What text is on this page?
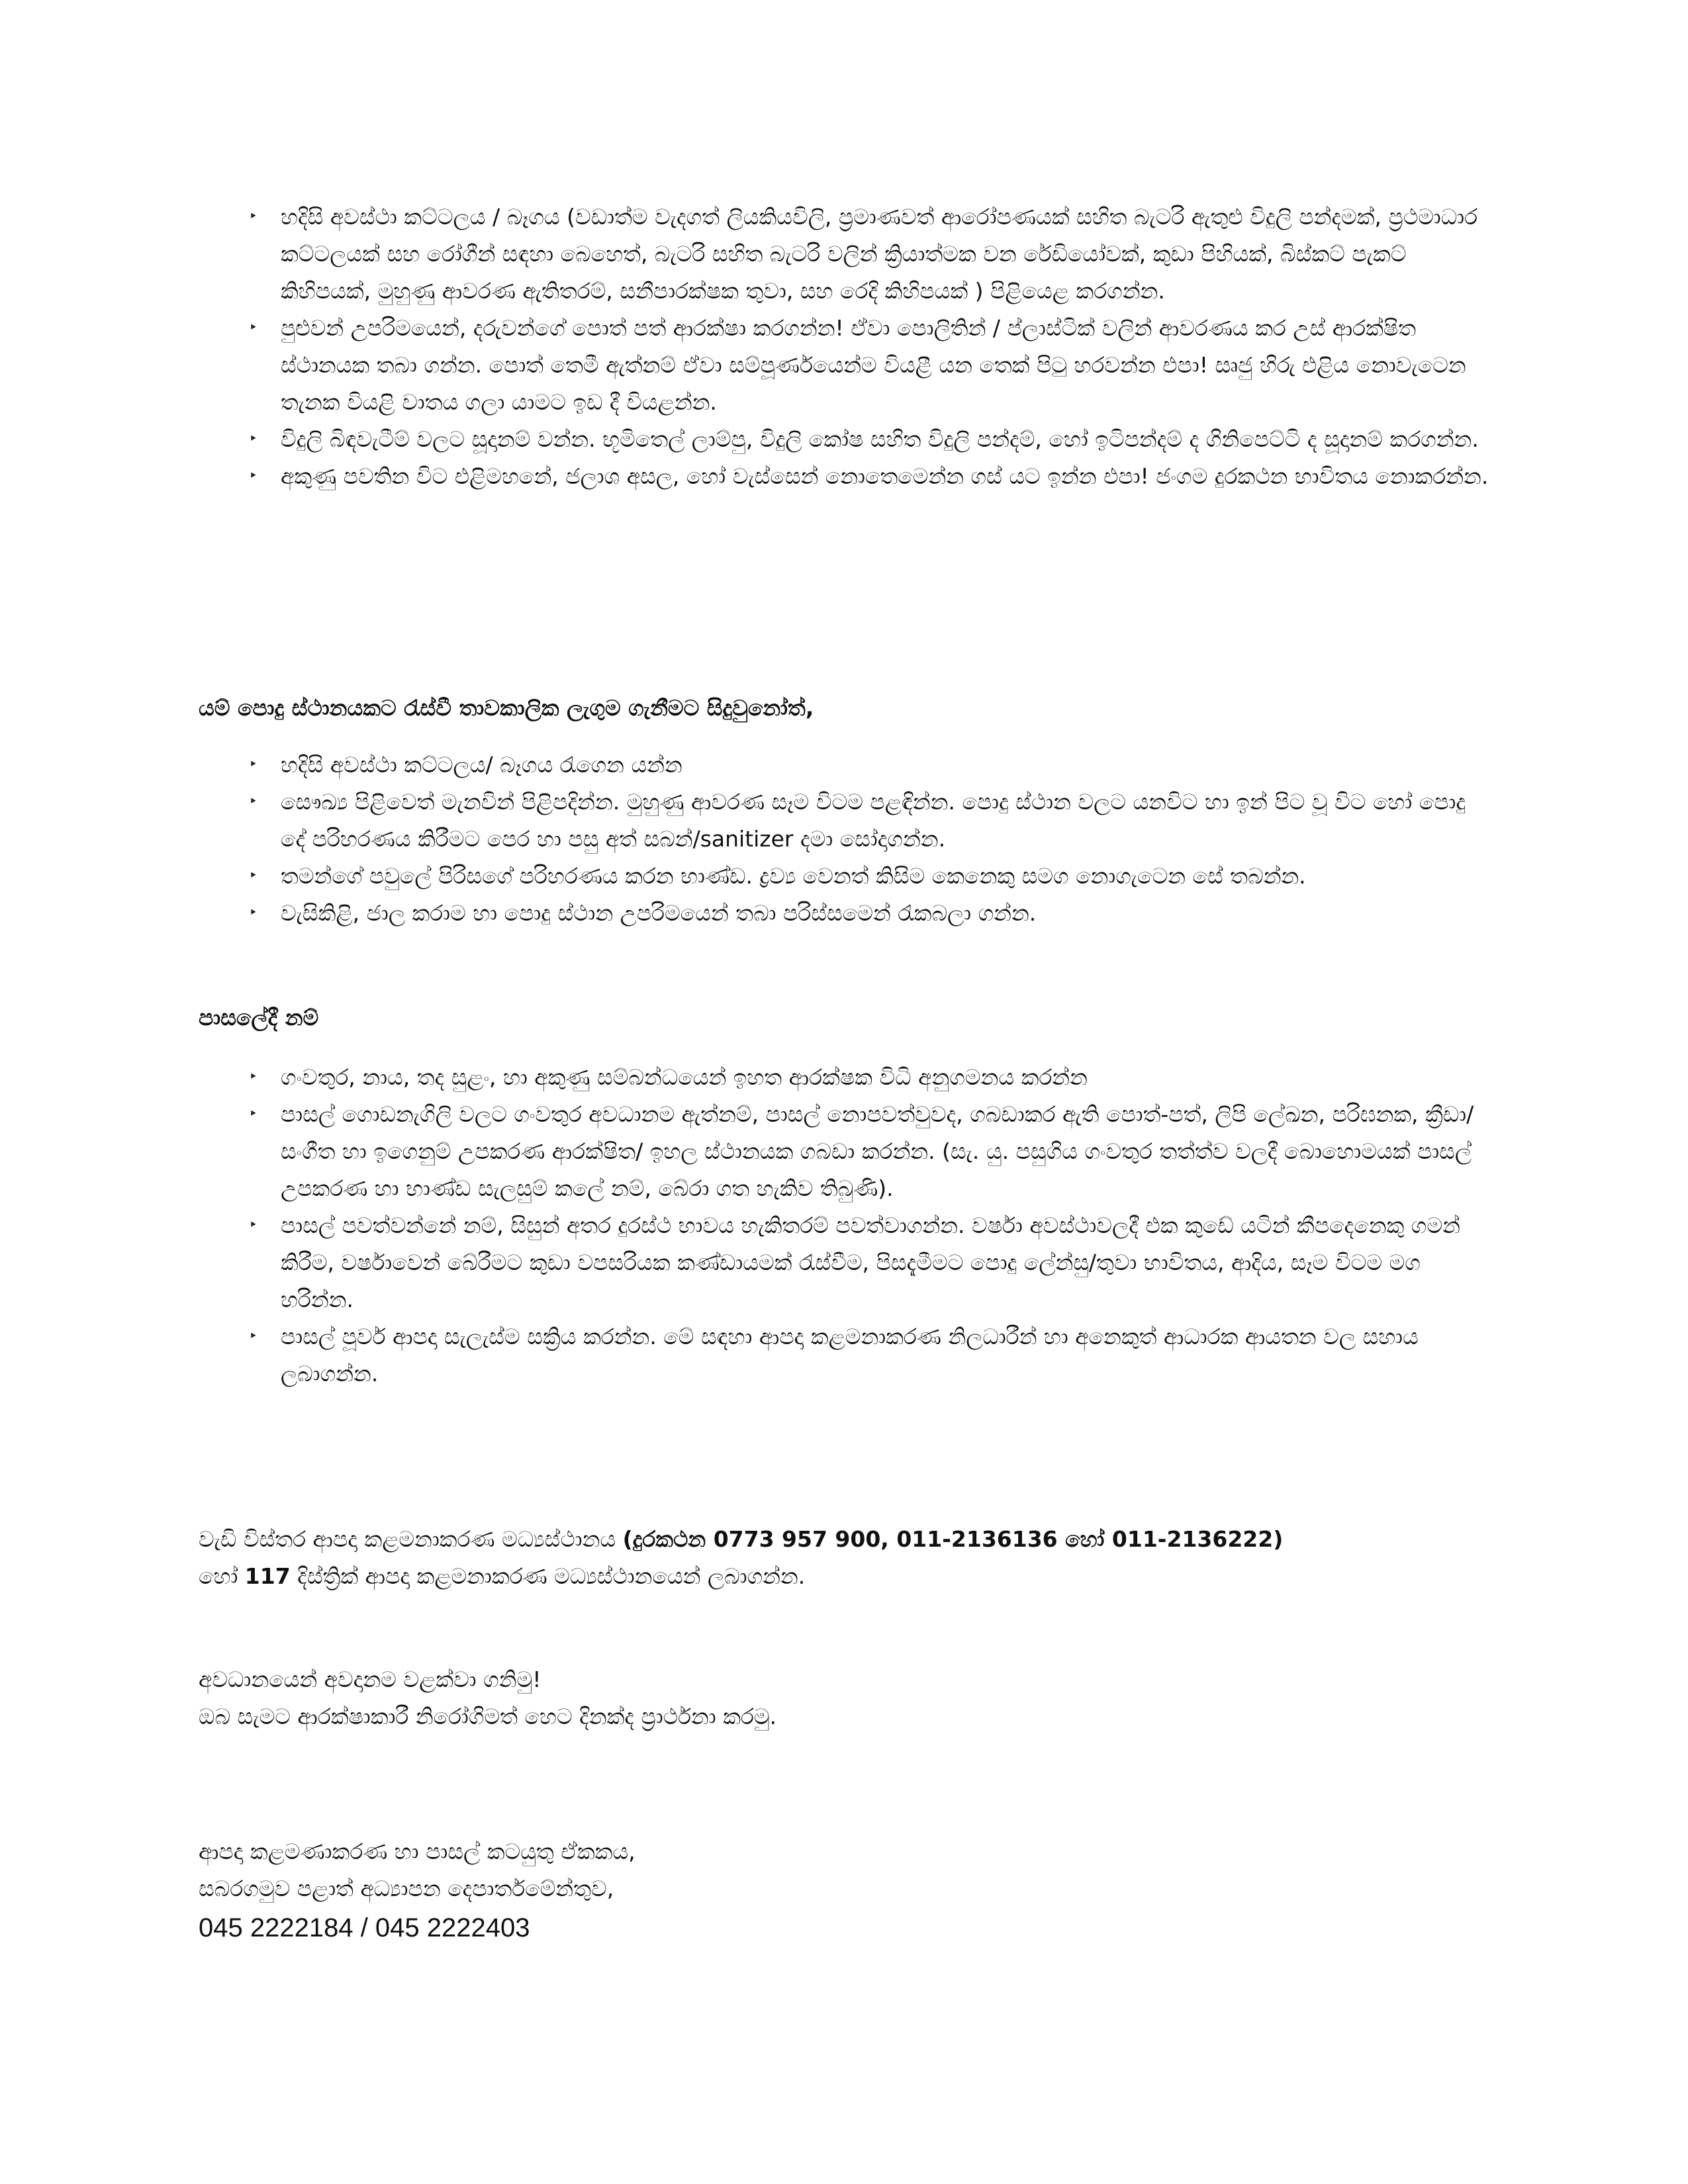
‣ හදිසි අවස්ථා කට්ටලය / බෑගය (වඩාත්ම වැදගත් ලියකියවිලි, ප්‍රමාණවත් ආරෝපණයක් සහිත බැටරි ඇතුළු විදුලි පන්දමක්, ප්‍රථමාධාර කට්ටලයක් සහ රෝගීන් සඳහා බෙහෙත්, බැටරි සහිත බැටරි වලින් ක්‍රියාත්මක වන රේඩියෝවක්, කුඩා පිහියක්, බිස්කට් පැකට් කිහිපයක්, මුහුණු ආවරණ ඇතිතරම්, සනීපාරක්ෂක තුවා, සහ රෙදි කිහිපයක් ) පිළියෙළ කරගන්න.
‣ පුළුවන් උපරිමයෙන්, දරුවන්ගේ පොත් පත් ආරක්ෂා කරගන්න! ඒවා පොලිතින් / ප්ලාස්ටික් වලින් ආවරණය කර උස් ආරක්ෂිත ස්ථානයක තබා ගන්න. පොත් තෙමී ඇත්නම් ඒවා සම්පූර්ණයෙන්ම වියළී යන තෙක් පිටු හරවන්න එපා! සෘජු හිරු එළිය නොවැටෙන තැනක වියළි වාතය ගලා යාමට ඉඩ දී වියළන්න.
‣ විදුලි බිඳවැටීම් වලට සූදානම් වන්න. භූමිතෙල් ලාම්පු, විදුලි කෝෂ සහිත විදුලි පන්දම්, හෝ ඉටිපන්දම් ද ගිනිපෙට්ටි ද සූදානම් කරගන්න.
‣ අකුණු පවතින විට එළිමහනේ, ජලාශ අසල, හෝ වැස්සෙන් නොතෙමෙන්න ගස් යට ඉන්න එපා! ජංගම දුරකථන භාවිතය නොකරන්න.
යම් පොදු ස්ථානයකට රැස්වී තාවකාලික ලැගුම ගැනීමට සිදුවුනෝත්,
‣ හදිසි අවස්ථා කට්ටලය/ බෑගය රැගෙන යන්න
‣ සෞඛ්‍ය පිළිවෙත් මැනවින් පිළිපදින්න. මුහුණු ආවරණ සෑම විටම පළඳින්න. පොදු ස්ථාන වලට යනවිට හා ඉන් පිට වූ විට හෝ පොදු දේ පරිහරණය කිරීමට පෙර හා පසු අත් සබන්/sanitizer දමා සෝදාගන්න.
‣ තමන්ගේ පවුලේ පිරිසගේ පරිහරණය කරන භාණ්ඩ. ද්‍රව්‍ය වෙනත් කිසිම කෙනෙකු සමග නොගැටෙන සේ තබන්න.
‣ වැසිකිළි, ජාල කරාම හා පොදු ස්ථාන උපරිමයෙන් තබා පරිස්සමෙන් රැකබලා ගන්න.
පාසලේදී නම්
‣ ගංවතුර, නාය, තද සුළං, හා අකුණු සම්බන්ධයෙන් ඉහත ආරක්ෂක විධි අනුගමනය කරන්න
‣ පාසල් ගොඩනැගිලි වලට ගංවතුර අවධානම ඇත්නම්, පාසල් නොපවත්වුවද, ගබඩාකර ඇති පොත්-පත්, ලිපි ලේඛන, පරිඝනක, ක්‍රීඩා/සංගීත හා ඉගෙනුම් උපකරණ ආරක්ෂිත/ ඉහල ස්ථානයක ගබඩා කරන්න. (සැ. යු. පසුගිය ගංවතුර තත්ත්ව වලදී බොහොමයක් පාසල් උපකරණ හා භාණ්ඩ සැලසුම් කලේ නම්, බේරා ගත හැකිව තිබුණි).
‣ පාසල් පවත්වන්නේ නම්, සිසුන් අතර දුරස්ථ භාවය හැකිතරම් පවත්වාගන්න. වර්ෂා අවස්ථාවලදී එක කුඩේ යටින් කීපදෙනෙකු ගමන් කිරීම, වර්ෂාවෙන් බේරීමට කුඩා වපසරියක කණ්ඩායමක් රැස්වීම, පිසදැමීමට පොදු ලේන්සු/තුවා භාවිතය, ආදිය, සෑම විටම මග හරින්න.
‣ පාසල් පූර්ව ආපදා සැලැස්ම සක්‍රිය කරන්න. මේ සඳහා ආපදා කළමනාකරණ නිලධාරීන් හා අනෙකුත් ආධාරක ආයතන වල සහාය ලබාගන්න.
වැඩි විස්තර ආපදා කළමනාකරණ මධ්‍යස්ථානය (දුරකථන 0773 957 900, 011-2136136 හෝ 011-2136222)
හෝ 117 දිස්ත්‍රික් ආපදා කළමනාකරණ මධ්‍යස්ථානයෙන් ලබාගන්න.
අවධානයෙන් අවදානම වළක්වා ගනිමු!
ඔබ සැමට ආරක්ෂාකාරී නිරෝගිමත් හෙට දිනක්ද ප්‍රාර්ථනා කරමු.
ආපදා කළමණාකරණ හා පාසල් කටයුතු ඒකකය,
සබරගමුව පළාත් අධ්‍යාපන දෙපාර්තමේන්තුව,
045 2222184 / 045 2222403
